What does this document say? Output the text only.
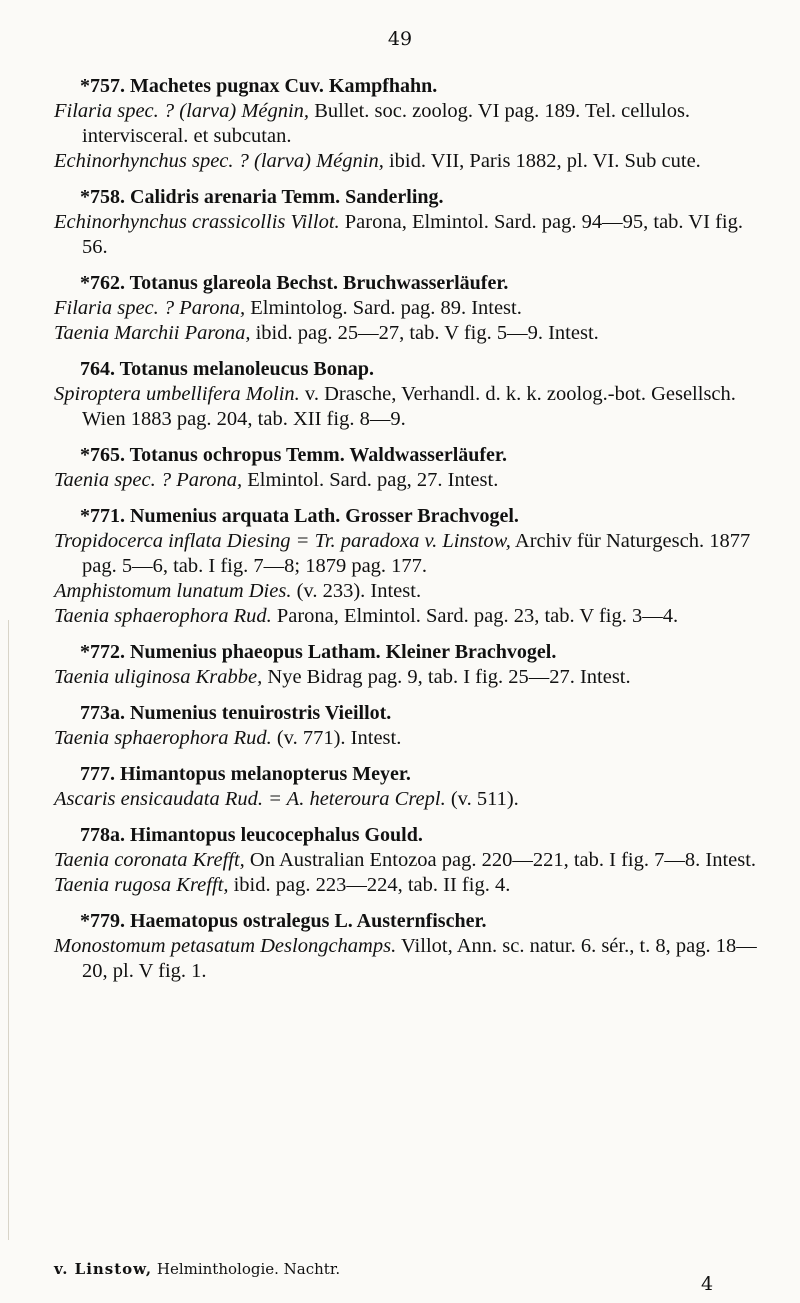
49
*757. Machetes pugnax Cuv. Kampfhahn.

Filaria spec. ? (larva) Mégnin, Bullet. soc. zoolog. VI pag. 189. Tel. cellulos. intervisceral. et subcutan.

Echinorhynchus spec. ? (larva) Mégnin, ibid. VII, Paris 1882, pl. VI. Sub cute.

*758. Calidris arenaria Temm. Sanderling.

Echinorhynchus crassicollis Villot. Parona, Elmintol. Sard. pag. 94—95, tab. VI fig. 56.

*762. Totanus glareola Bechst. Bruchwasserläufer.

Filaria spec. ? Parona, Elmintolog. Sard. pag. 89. Intest.

Taenia Marchii Parona, ibid. pag. 25—27, tab. V fig. 5—9. Intest.

764. Totanus melanoleucus Bonap.

Spiroptera umbellifera Molin. v. Drasche, Verhandl. d. k. k. zoolog.-bot. Gesellsch. Wien 1883 pag. 204, tab. XII fig. 8—9.

*765. Totanus ochropus Temm. Waldwasserläufer.

Taenia spec. ? Parona, Elmintol. Sard. pag, 27. Intest.

*771. Numenius arquata Lath. Grosser Brachvogel.

Tropidocerca inflata Diesing = Tr. paradoxa v. Linstow, Archiv für Naturgesch. 1877 pag. 5—6, tab. I fig. 7—8; 1879 pag. 177.

Amphistomum lunatum Dies. (v. 233). Intest.

Taenia sphaerophora Rud. Parona, Elmintol. Sard. pag. 23, tab. V fig. 3—4.

*772. Numenius phaeopus Latham. Kleiner Brachvogel.

Taenia uliginosa Krabbe, Nye Bidrag pag. 9, tab. I fig. 25—27. Intest.

773a. Numenius tenuirostris Vieillot.

Taenia sphaerophora Rud. (v. 771). Intest.

777. Himantopus melanopterus Meyer.

Ascaris ensicaudata Rud. = A. heteroura Crepl. (v. 511).

778a. Himantopus leucocephalus Gould.

Taenia coronata Krefft, On Australian Entozoa pag. 220—221, tab. I fig. 7—8. Intest.

Taenia rugosa Krefft, ibid. pag. 223—224, tab. II fig. 4.

*779. Haematopus ostralegus L. Austernfischer.

Monostomum petasatum Deslongchamps. Villot, Ann. sc. natur. 6. sér., t. 8, pag. 18—20, pl. V fig. 1.

v. Linstow, Helminthologie. Nachtr.
4
